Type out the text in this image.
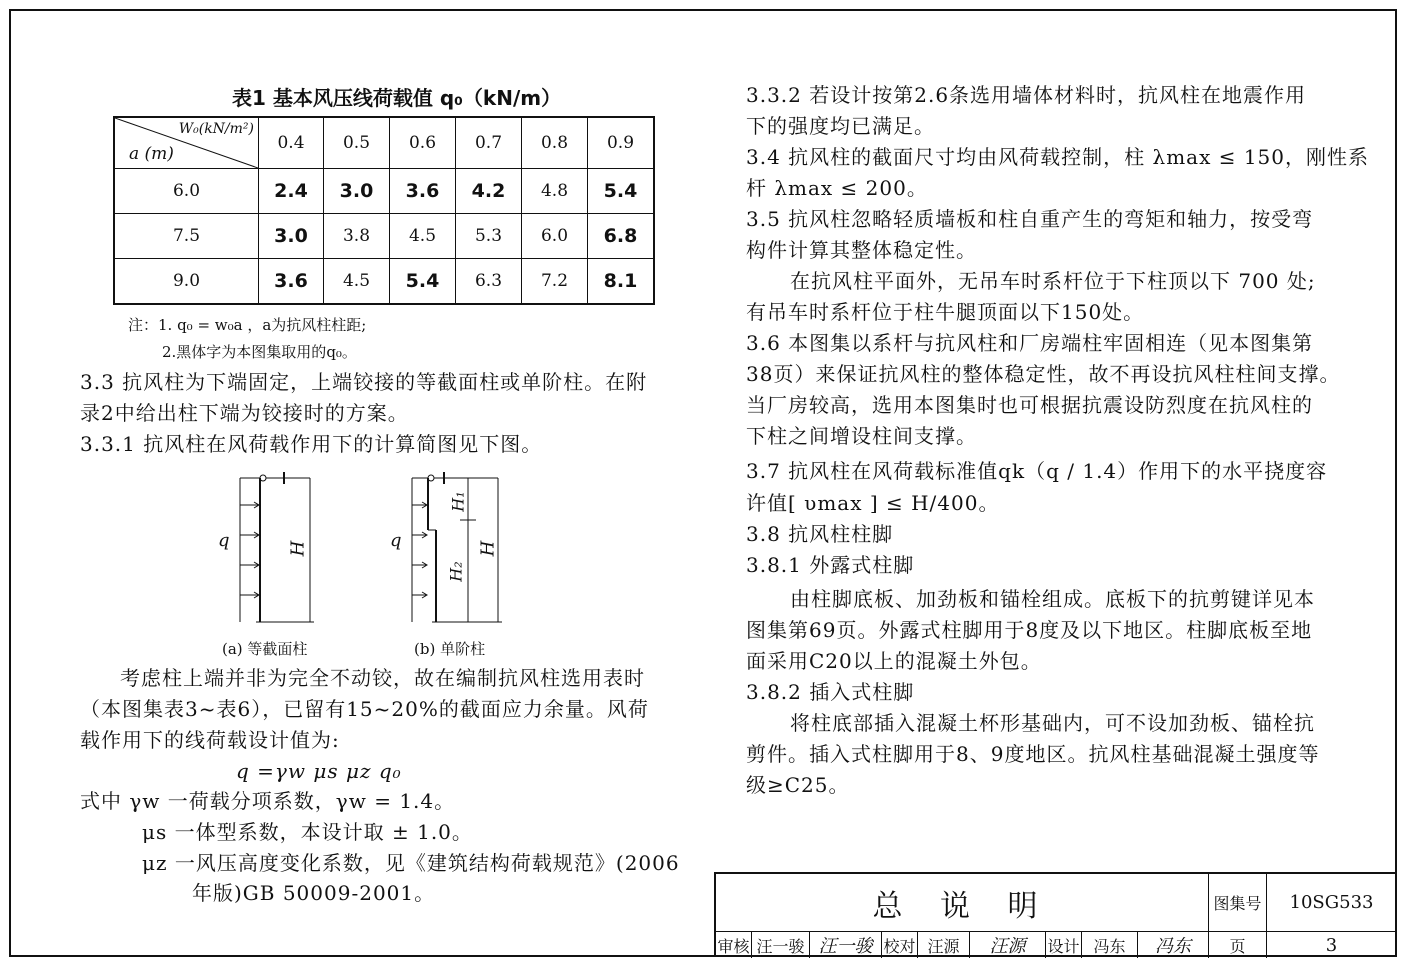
表1 基本风压线荷载值 q₀（kN/m）
W₀(kN/m²)
a (m)	0.4	0.5	0.6	0.7	0.8	0.9
6.0	2.4	3.0	3.6	4.2	4.8	5.4
7.5	3.0	3.8	4.5	5.3	6.0	6.8
9.0	3.6	4.5	5.4	6.3	7.2	8.1
注：1. q₀ = w₀a ，a为抗风柱柱距;
2.黑体字为本图集取用的q₀。
3.3 抗风柱为下端固定，上端铰接的等截面柱或单阶柱。在附
录2中给出柱下端为铰接时的方案。
3.3.1 抗风柱在风荷载作用下的计算简图见下图。
q	H
(a) 等截面柱
q
H₁
H₂
H
(b) 单阶柱
考虑柱上端并非为完全不动铰，故在编制抗风柱选用表时
（本图集表3~表6），已留有15~20%的截面应力余量。风荷
载作用下的线荷载设计值为:
q =γw μs μz q₀
式中 γw 一荷载分项系数，γw = 1.4。
μs 一体型系数，本设计取 ± 1.0。
μz 一风压高度变化系数，见《建筑结构荷载规范》(2006
年版)GB 50009-2001。
3.3.2 若设计按第2.6条选用墙体材料时，抗风柱在地震作用
下的强度均已满足。
3.4 抗风柱的截面尺寸均由风荷载控制，柱 λmax ≤ 150，刚性系
杆 λmax ≤ 200。
3.5 抗风柱忽略轻质墙板和柱自重产生的弯矩和轴力，按受弯
构件计算其整体稳定性。
在抗风柱平面外，无吊车时系杆位于下柱顶以下 700 处;
有吊车时系杆位于柱牛腿顶面以下150处。
3.6 本图集以系杆与抗风柱和厂房端柱牢固相连（见本图集第
38页）来保证抗风柱的整体稳定性，故不再设抗风柱柱间支撑。
当厂房较高，选用本图集时也可根据抗震设防烈度在抗风柱的
下柱之间增设柱间支撑。
3.7 抗风柱在风荷载标准值qk（q / 1.4）作用下的水平挠度容
许值[ υmax ] ≤ H/400。
3.8 抗风柱柱脚
3.8.1 外露式柱脚
由柱脚底板、加劲板和锚栓组成。底板下的抗剪键详见本
图集第69页。外露式柱脚用于8度及以下地区。柱脚底板至地
面采用C20以上的混凝土外包。
3.8.2 插入式柱脚
将柱底部插入混凝土杯形基础内，可不设加劲板、锚栓抗
剪件。插入式柱脚用于8、9度地区。抗风柱基础混凝土强度等
级≥C25。
总 说 明	图集号	10SG533
审核 汪一骏 汪一骏 校对 汪源	汪源	设计 冯东	冯东	页	3
